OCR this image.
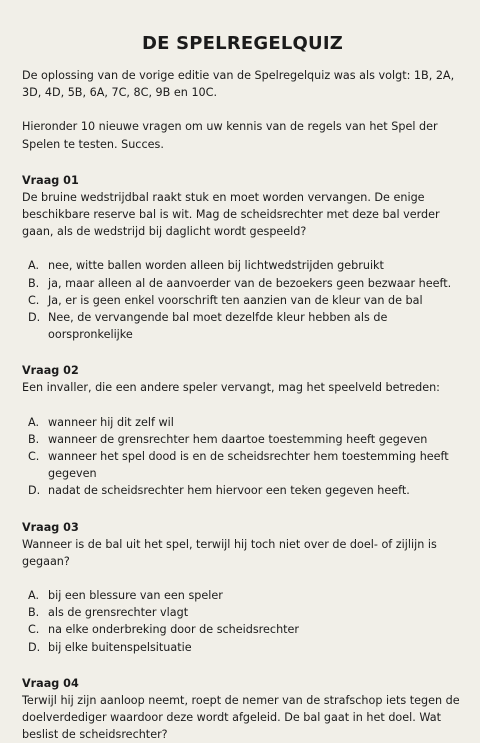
DE SPELREGELQUIZ

De oplossing van de vorige editie van de Spelregelquiz was als volgt: 1B, 2A, 3D, 4D, 5B, 6A, 7C, 8C, 9B en 10C.

Hieronder 10 nieuwe vragen om uw kennis van de regels van het Spel der Spelen te testen. Succes.

Vraag 01

De bruine wedstrijdbal raakt stuk en moet worden vervangen. De enige beschikbare reserve bal is wit. Mag de scheidsrechter met deze bal verder gaan, als de wedstrijd bij daglicht wordt gespeeld?

A. nee, witte ballen worden alleen bij lichtwedstrijden gebruikt
B. ja, maar alleen al de aanvoerder van de bezoekers geen bezwaar heeft.
C. Ja, er is geen enkel voorschrift ten aanzien van de kleur van de bal
D. Nee, de vervangende bal moet dezelfde kleur hebben als de oorspronkelijke
Vraag 02

Een invaller, die een andere speler vervangt, mag het speelveld betreden:

A. wanneer hij dit zelf wil
B. wanneer de grensrechter hem daartoe toestemming heeft gegeven
C. wanneer het spel dood is en de scheidsrechter hem toestemming heeft gegeven
D. nadat de scheidsrechter hem hiervoor een teken gegeven heeft.
Vraag 03

Wanneer is de bal uit het spel, terwijl hij toch niet over de doel- of zijlijn is gegaan?

A. bij een blessure van een speler
B. als de grensrechter vlagt
C. na elke onderbreking door de scheidsrechter
D. bij elke buitenspelsituatie
Vraag 04

Terwijl hij zijn aanloop neemt, roept de nemer van de strafschop iets tegen de doelverdediger waardoor deze wordt afgeleid. De bal gaat in het doel. Wat beslist de scheidsrechter?
